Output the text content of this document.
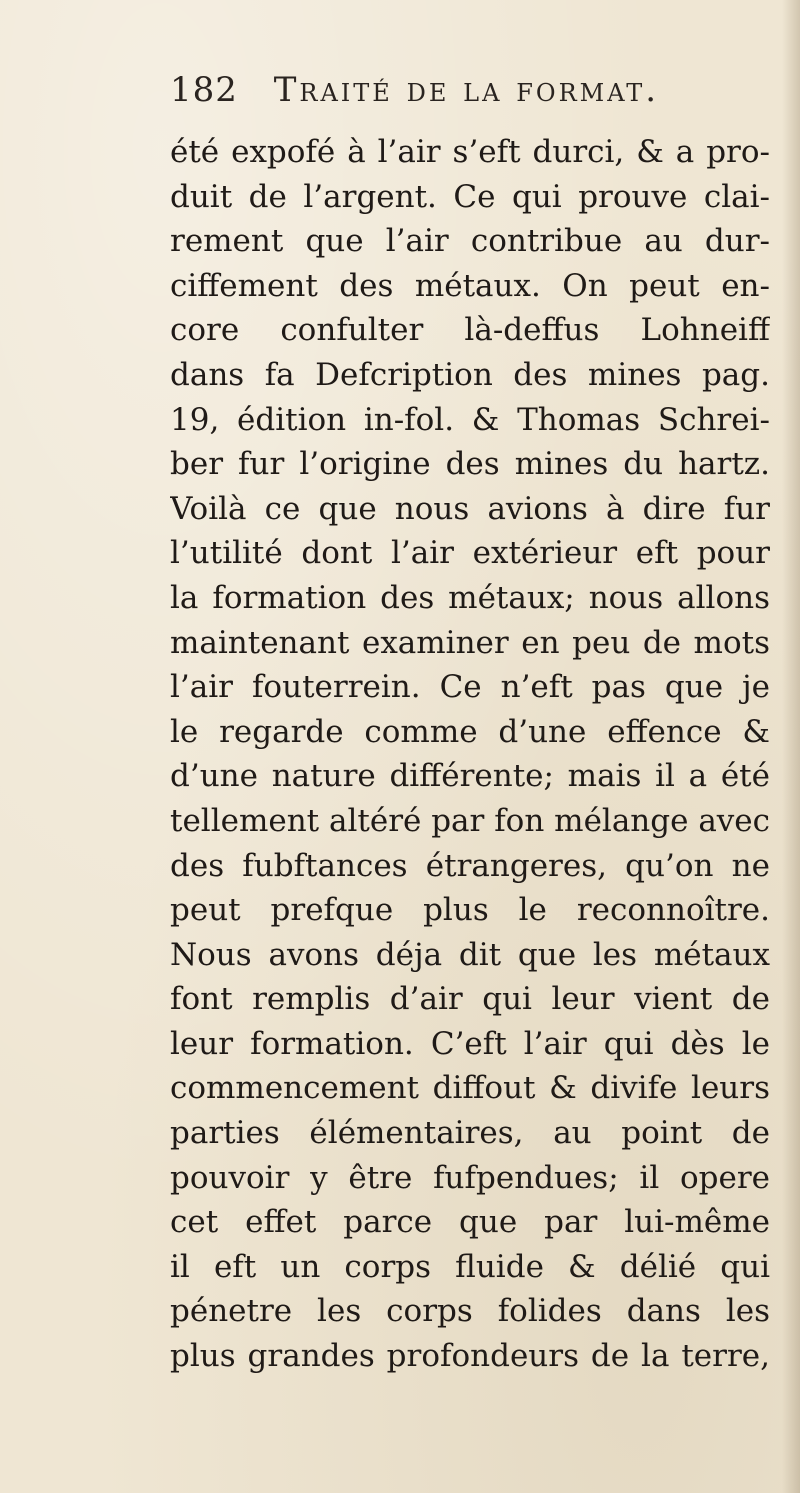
182 Traité de la format.
été expofé à l’air s’eft durci, & a pro-
duit de l’argent. Ce qui prouve clai-
rement que l’air contribue au dur-
ciffement des métaux. On peut en-
core confulter là-deffus Lohneiff
dans fa Defcription des mines pag.
19, édition in-fol. & Thomas Schrei-
ber fur l’origine des mines du hartz.
Voilà ce que nous avions à dire fur
l’utilité dont l’air extérieur eft pour
la formation des métaux; nous allons
maintenant examiner en peu de mots
l’air fouterrein. Ce n’eft pas que je
le regarde comme d’une effence &
d’une nature différente; mais il a été
tellement altéré par fon mélange avec
des fubftances étrangeres, qu’on ne
peut prefque plus le reconnoître.
Nous avons déja dit que les métaux
font remplis d’air qui leur vient de
leur formation. C’eft l’air qui dès le
commencement diffout & divife leurs
parties élémentaires, au point de
pouvoir y être fufpendues; il opere
cet effet parce que par lui-même
il eft un corps fluide & délié qui
pénetre les corps folides dans les
plus grandes profondeurs de la terre,
